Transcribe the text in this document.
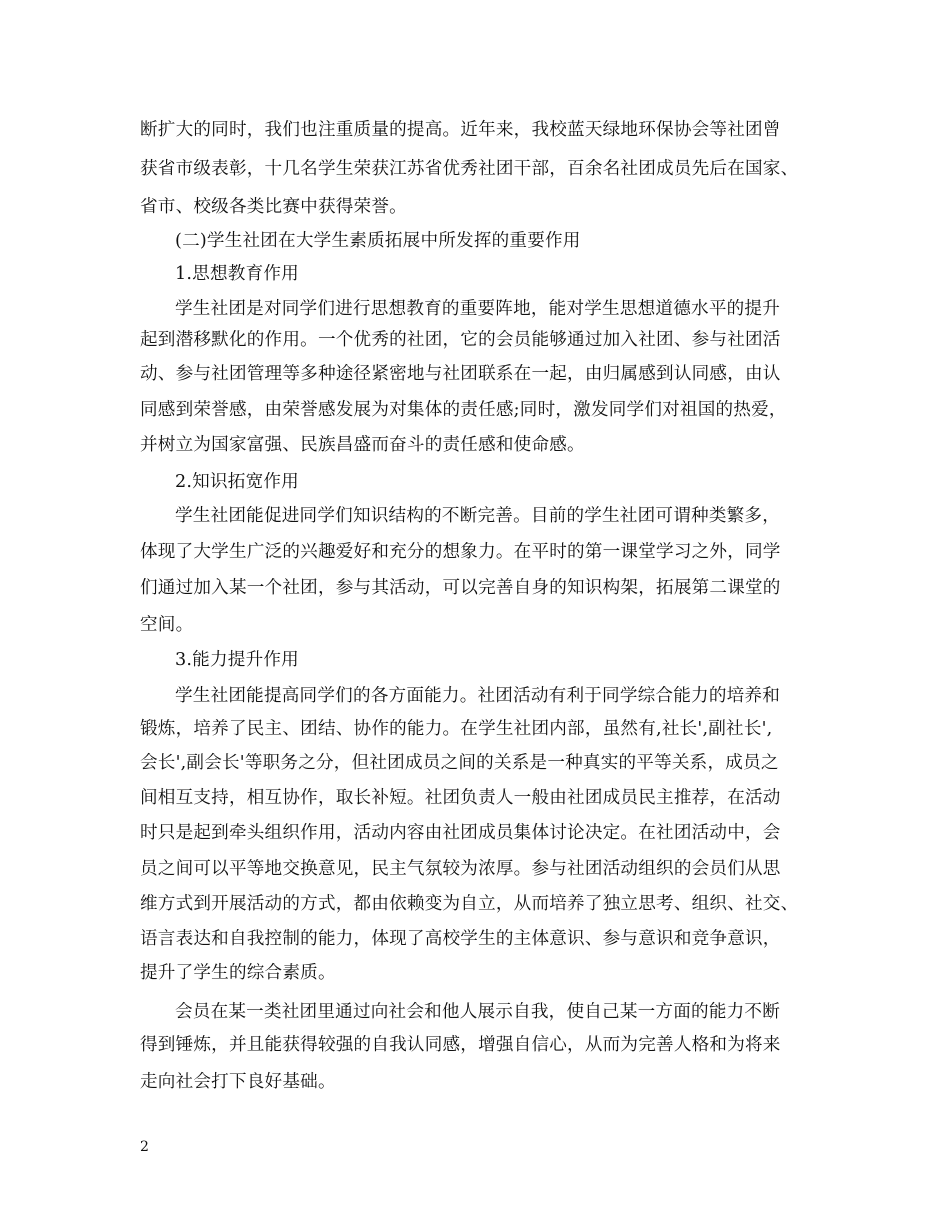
断扩大的同时，我们也注重质量的提高。近年来，我校蓝天绿地环保协会等社团曾
获省市级表彰，十几名学生荣获江苏省优秀社团干部，百余名社团成员先后在国家、
省市、校级各类比赛中获得荣誉。
(二)学生社团在大学生素质拓展中所发挥的重要作用
1.思想教育作用
学生社团是对同学们进行思想教育的重要阵地，能对学生思想道德水平的提升
起到潜移默化的作用。一个优秀的社团，它的会员能够通过加入社团、参与社团活
动、参与社团管理等多种途径紧密地与社团联系在一起，由归属感到认同感，由认
同感到荣誉感，由荣誉感发展为对集体的责任感;同时，激发同学们对祖国的热爱，
并树立为国家富强、民族昌盛而奋斗的责任感和使命感。
2.知识拓宽作用
学生社团能促进同学们知识结构的不断完善。目前的学生社团可谓种类繁多，
体现了大学生广泛的兴趣爱好和充分的想象力。在平时的第一课堂学习之外，同学
们通过加入某一个社团，参与其活动，可以完善自身的知识构架，拓展第二课堂的
空间。
3.能力提升作用
学生社团能提高同学们的各方面能力。社团活动有利于同学综合能力的培养和
锻炼，培养了民主、团结、协作的能力。在学生社团内部，虽然有,社长',副社长',
会长',副会长'等职务之分，但社团成员之间的关系是一种真实的平等关系，成员之
间相互支持，相互协作，取长补短。社团负责人一般由社团成员民主推荐，在活动
时只是起到牵头组织作用，活动内容由社团成员集体讨论决定。在社团活动中，会
员之间可以平等地交换意见，民主气氛较为浓厚。参与社团活动组织的会员们从思
维方式到开展活动的方式，都由依赖变为自立，从而培养了独立思考、组织、社交、
语言表达和自我控制的能力，体现了高校学生的主体意识、参与意识和竞争意识，
提升了学生的综合素质。
会员在某一类社团里通过向社会和他人展示自我，使自己某一方面的能力不断
得到锤炼，并且能获得较强的自我认同感，增强自信心，从而为完善人格和为将来
走向社会打下良好基础。
2
